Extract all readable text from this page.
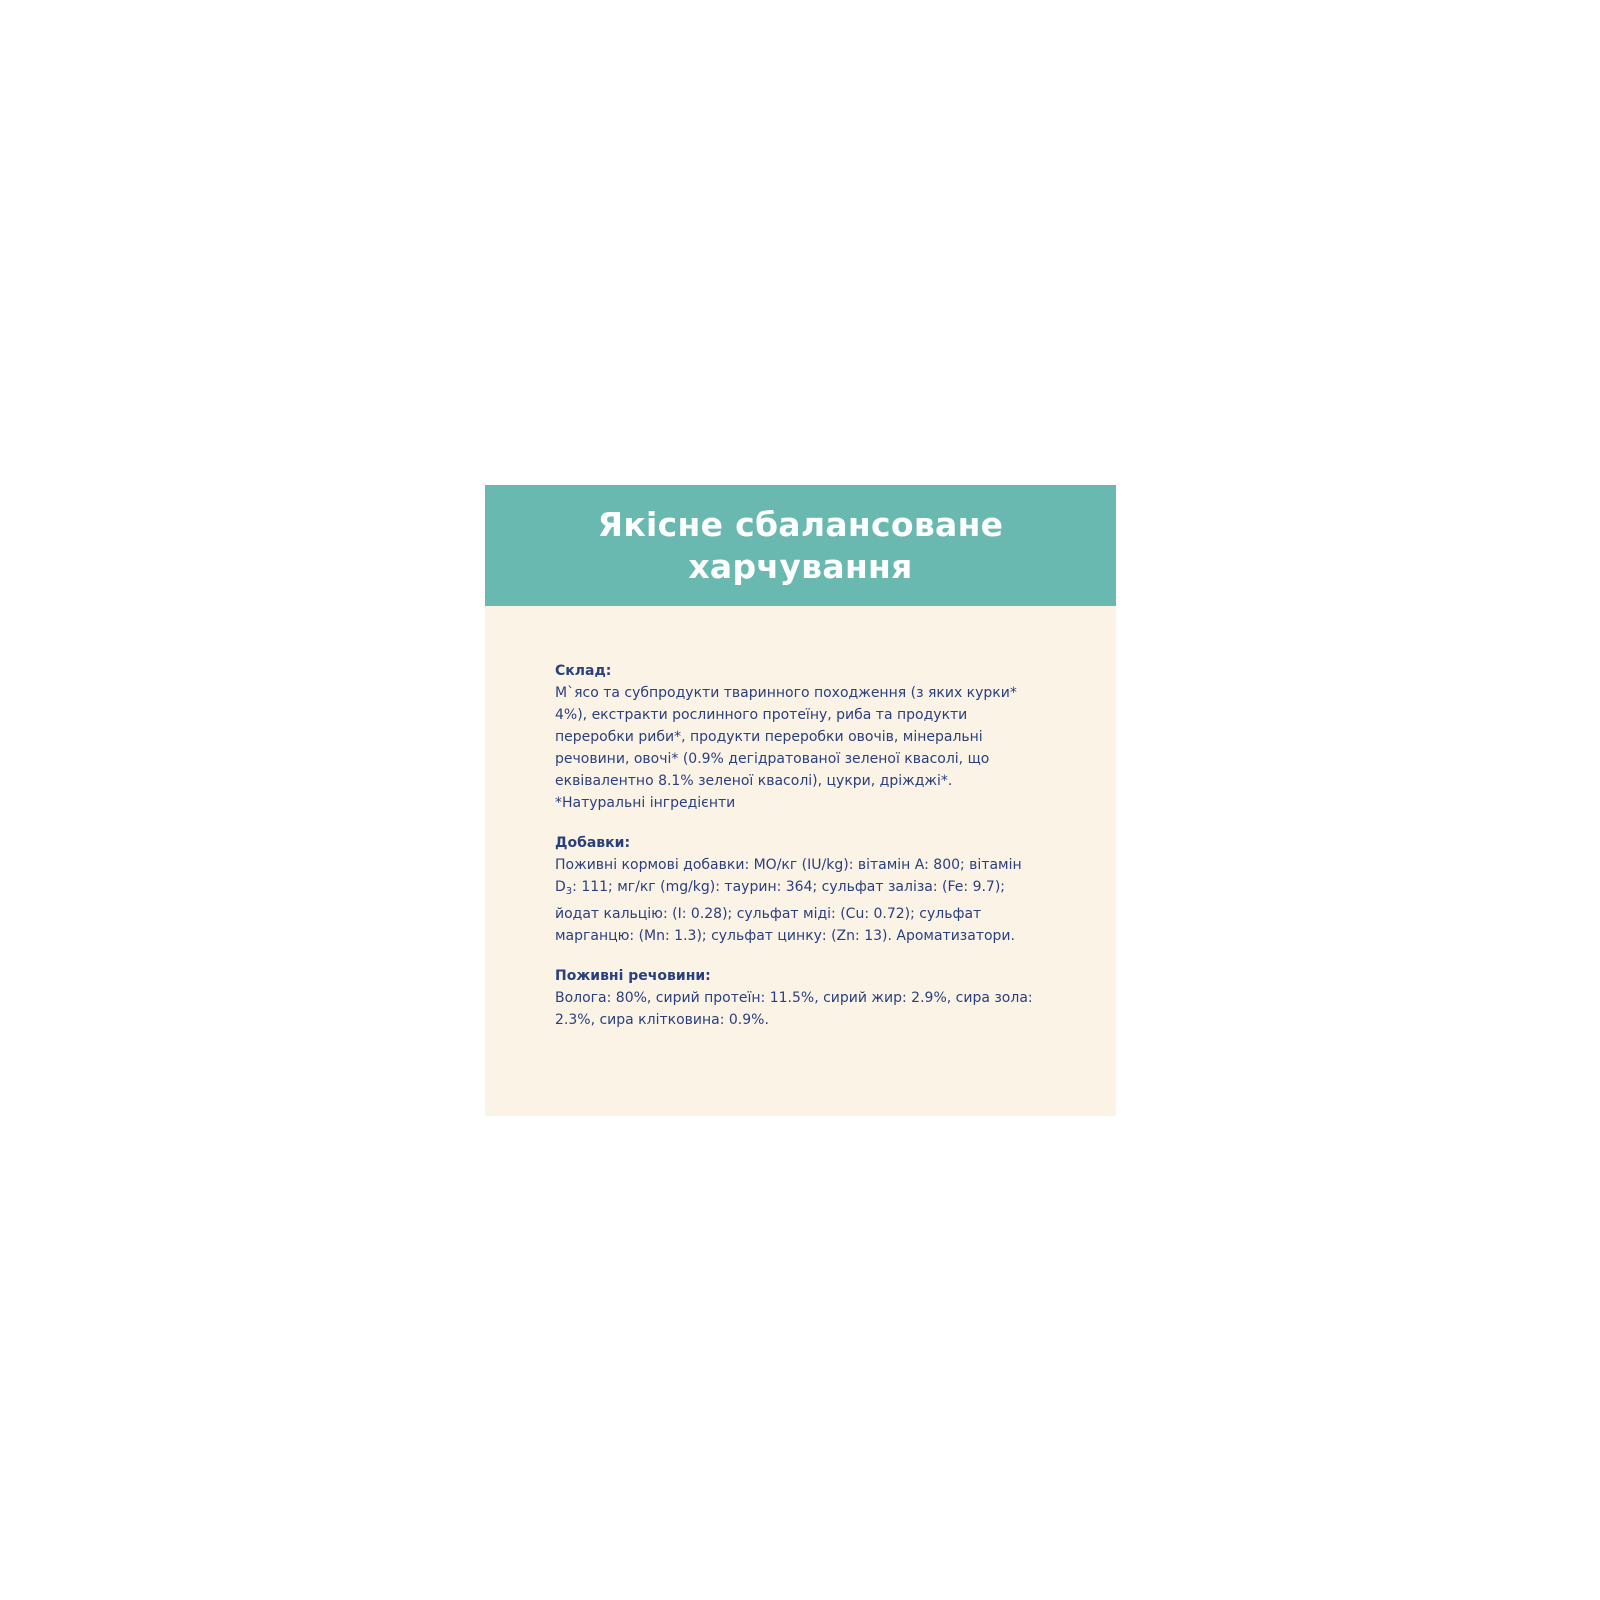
Якісне сбалансоване
харчування
Склад:
М`ясо та субпродукти тваринного походження (з яких курки*
4%), екстракти рослинного протеїну, риба та продукти
переробки риби*, продукти переробки овочів, мінеральні
речовини, овочі* (0.9% дегідратованої зеленої квасолі, що
еквівалентно 8.1% зеленої квасолі), цукри, дріжджі*.
*Натуральні інгредієнти
Добавки:
Поживні кормові добавки: МО/кг (IU/kg): вітамін A: 800; вітамін
$D_3$: 111; мг/кг (mg/kg): таурин: 364; сульфат заліза: (Fe: 9.7);
йодат кальцію: (I: 0.28); сульфат міді: (Cu: 0.72); сульфат
марганцю: (Mn: 1.3); сульфат цинку: (Zn: 13). Ароматизатори.
Поживні речовини:
Волога: 80%, сирий протеїн: 11.5%, сирий жир: 2.9%, сира зола:
2.3%, сира клітковина: 0.9%.
